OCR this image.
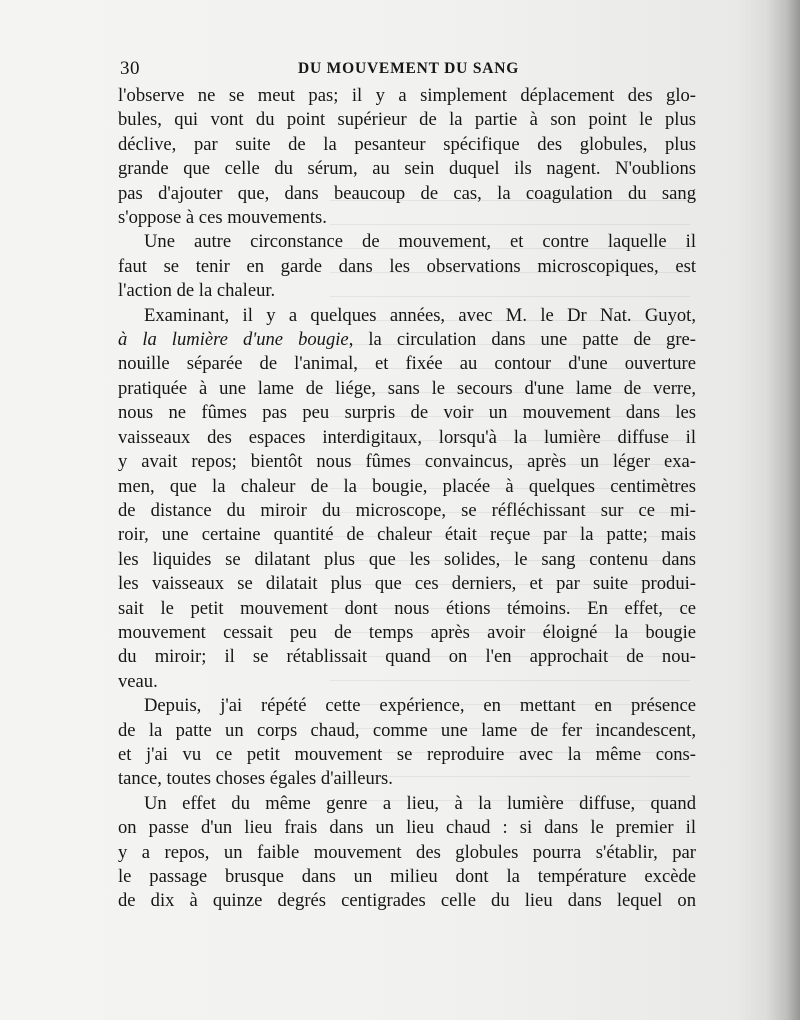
30	DU MOUVEMENT DU SANG
l'observe ne se meut pas; il y a simplement déplacement des glo-
bules, qui vont du point supérieur de la partie à son point le plus
déclive, par suite de la pesanteur spécifique des globules, plus
grande que celle du sérum, au sein duquel ils nagent. N'oublions
pas d'ajouter que, dans beaucoup de cas, la coagulation du sang
s'oppose à ces mouvements.
Une autre circonstance de mouvement, et contre laquelle il
faut se tenir en garde dans les observations microscopiques, est
l'action de la chaleur.
Examinant, il y a quelques années, avec M. le Dr Nat. Guyot,
à la lumière d'une bougie, la circulation dans une patte de gre-
nouille séparée de l'animal, et fixée au contour d'une ouverture
pratiquée à une lame de liége, sans le secours d'une lame de verre,
nous ne fûmes pas peu surpris de voir un mouvement dans les
vaisseaux des espaces interdigitaux, lorsqu'à la lumière diffuse il
y avait repos; bientôt nous fûmes convaincus, après un léger exa-
men, que la chaleur de la bougie, placée à quelques centimètres
de distance du miroir du microscope, se réfléchissant sur ce mi-
roir, une certaine quantité de chaleur était reçue par la patte; mais
les liquides se dilatant plus que les solides, le sang contenu dans
les vaisseaux se dilatait plus que ces derniers, et par suite produi-
sait le petit mouvement dont nous étions témoins. En effet, ce
mouvement cessait peu de temps après avoir éloigné la bougie
du miroir; il se rétablissait quand on l'en approchait de nou-
veau.
Depuis, j'ai répété cette expérience, en mettant en présence
de la patte un corps chaud, comme une lame de fer incandescent,
et j'ai vu ce petit mouvement se reproduire avec la même cons-
tance, toutes choses égales d'ailleurs.
Un effet du même genre a lieu, à la lumière diffuse, quand
on passe d'un lieu frais dans un lieu chaud : si dans le premier il
y a repos, un faible mouvement des globules pourra s'établir, par
le passage brusque dans un milieu dont la température excède
de dix à quinze degrés centigrades celle du lieu dans lequel on
